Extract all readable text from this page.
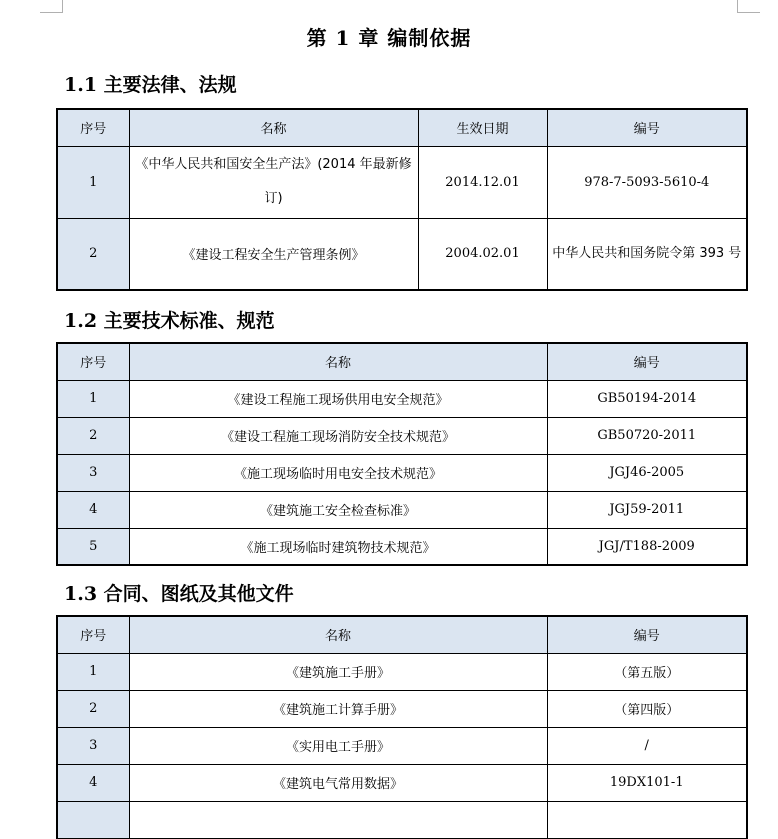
第 1 章 编制依据
1.1 主要法律、法规
序号	名称	生效日期	编号
1	《中华人民共和国安全生产法》(2014 年最新修订)	2014.12.01	978-7-5093-5610-4
2	《建设工程安全生产管理条例》	2004.02.01	中华人民共和国务院令第 393 号
1.2 主要技术标准、规范
序号	名称	编号
1	《建设工程施工现场供用电安全规范》	GB50194-2014
2	《建设工程施工现场消防安全技术规范》	GB50720-2011
3	《施工现场临时用电安全技术规范》	JGJ46-2005
4	《建筑施工安全检查标准》	JGJ59-2011
5	《施工现场临时建筑物技术规范》	JGJ/T188-2009
1.3 合同、图纸及其他文件
序号	名称	编号
1	《建筑施工手册》	（第五版）
2	《建筑施工计算手册》	（第四版）
3	《实用电工手册》	/
4	《建筑电气常用数据》	19DX101-1
